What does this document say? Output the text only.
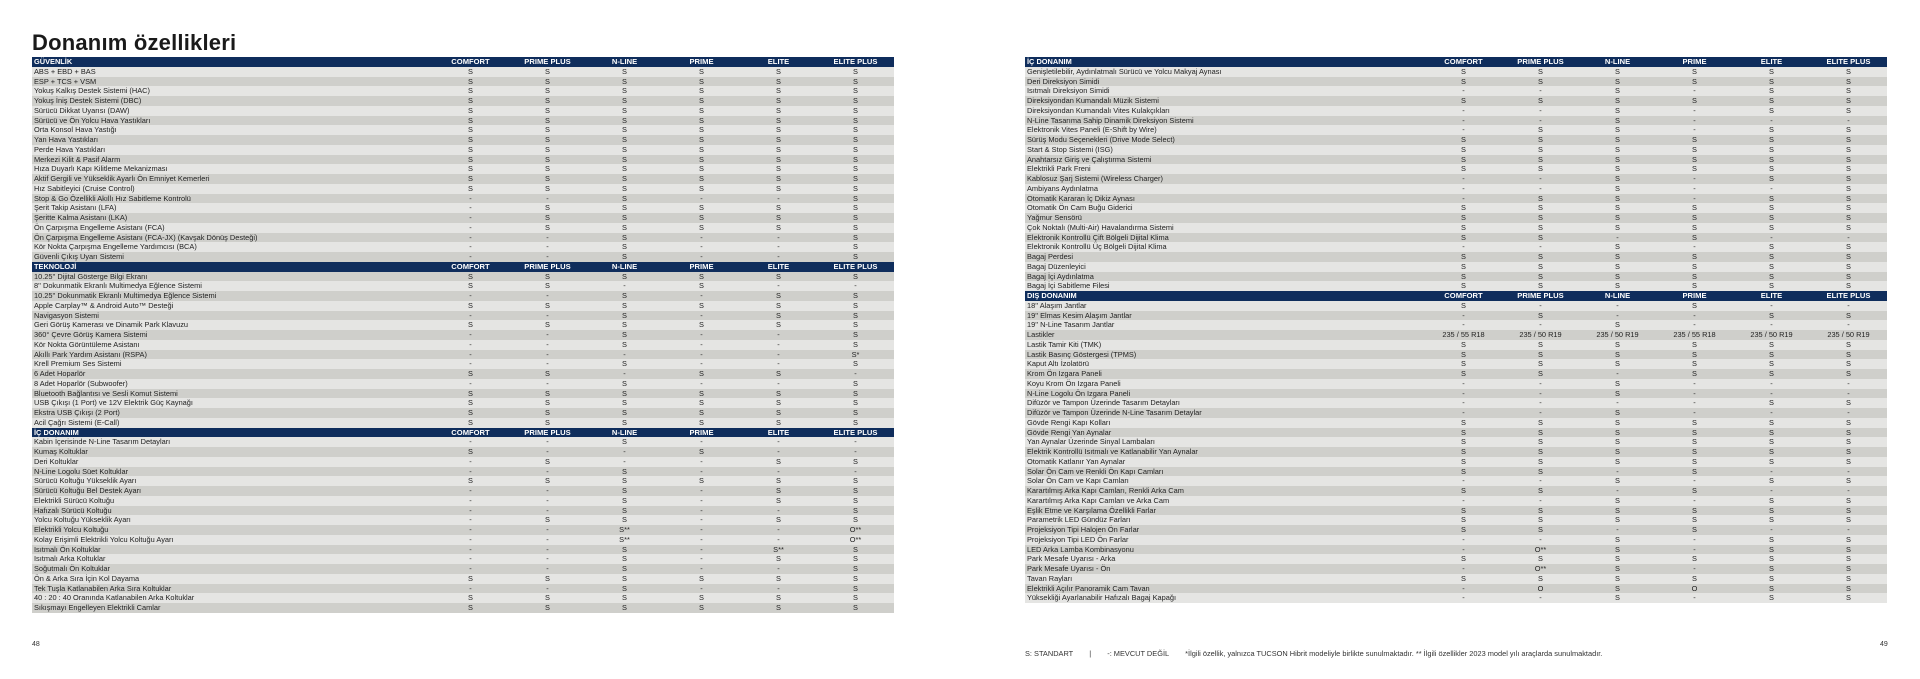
Donanım özellikleri
GÜVENLİK	COMFORT	PRIME PLUS	N-LINE	PRIME	ELITE	ELITE PLUS
ABS + EBD + BAS	S	S	S	S	S	S
ESP + TCS + VSM	S	S	S	S	S	S
Yokuş Kalkış Destek Sistemi (HAC)	S	S	S	S	S	S
Yokuş İniş Destek Sistemi (DBC)	S	S	S	S	S	S
Sürücü Dikkat Uyarısı (DAW)	S	S	S	S	S	S
Sürücü ve Ön Yolcu Hava Yastıkları	S	S	S	S	S	S
Orta Konsol Hava Yastığı	S	S	S	S	S	S
Yan Hava Yastıkları	S	S	S	S	S	S
Perde Hava Yastıkları	S	S	S	S	S	S
Merkezi Kilit & Pasif Alarm	S	S	S	S	S	S
Hıza Duyarlı Kapı Kilitleme Mekanizması	S	S	S	S	S	S
Aktif Gergili ve Yükseklik Ayarlı Ön Emniyet Kemerleri	S	S	S	S	S	S
Hız Sabitleyici (Cruise Control)	S	S	S	S	S	S
Stop & Go Özellikli Akıllı Hız Sabitleme Kontrolü	-	-	S	-	-	S
Şerit Takip Asistanı (LFA)	-	S	S	S	S	S
Şeritte Kalma Asistanı (LKA)	-	S	S	S	S	S
Ön Çarpışma Engelleme Asistanı (FCA)	-	S	S	S	S	S
Ön Çarpışma Engelleme Asistanı (FCA-JX) (Kavşak Dönüş Desteği)	-	-	S	-	-	S
Kör Nokta Çarpışma Engelleme Yardımcısı (BCA)	-	-	S	-	-	S
Güvenli Çıkış Uyarı Sistemi	-	-	S	-	-	S
TEKNOLOJİ	COMFORT	PRIME PLUS	N-LINE	PRIME	ELITE	ELITE PLUS
10.25'' Dijital Gösterge Bilgi Ekranı	S	S	S	S	S	S
8'' Dokunmatik Ekranlı Multimedya Eğlence Sistemi	S	S	-	S	-	-
10.25'' Dokunmatik Ekranlı Multimedya Eğlence Sistemi	-	-	S	-	S	S
Apple Carplay™ & Android Auto™ Desteği	S	S	S	S	S	S
Navigasyon Sistemi	-	-	S	-	S	S
Geri Görüş Kamerası ve Dinamik Park Klavuzu	S	S	S	S	S	S
360° Çevre Görüş Kamera Sistemi	-	-	S	-	-	S
Kör Nokta Görüntüleme Asistanı	-	-	S	-	-	S
Akıllı Park Yardım Asistanı (RSPA)	-	-	-	-	-	S*
Krell Premium Ses Sistemi	-	-	S	-	-	S
6 Adet Hoparlör	S	S	-	S	S	-
8 Adet Hoparlör (Subwoofer)	-	-	S	-	-	S
Bluetooth Bağlantısı ve Sesli Komut Sistemi	S	S	S	S	S	S
USB Çıkışı (1 Port) ve 12V Elektrik Güç Kaynağı	S	S	S	S	S	S
Ekstra USB Çıkışı (2 Port)	S	S	S	S	S	S
Acil Çağrı Sistemi (E-Call)	S	S	S	S	S	S
İÇ DONANIM	COMFORT	PRIME PLUS	N-LINE	PRIME	ELITE	ELITE PLUS
Kabin İçerisinde N-Line Tasarım Detayları	-	-	S	-	-	-
Kumaş Koltuklar	S	-	-	S	-	-
Deri Koltuklar	-	S	-	-	S	S
N-Line Logolu Süet Koltuklar	-	-	S	-	-	-
Sürücü Koltuğu Yükseklik Ayarı	S	S	S	S	S	S
Sürücü Koltuğu Bel Destek Ayarı	-	-	S	-	S	S
Elektrikli Sürücü Koltuğu	-	-	S	-	S	S
Hafızalı Sürücü Koltuğu	-	-	S	-	-	S
Yolcu Koltuğu Yükseklik Ayarı	-	S	S	-	S	S
Elektrikli Yolcu Koltuğu	-	-	S**	-	-	O**
Kolay Erişimli Elektrikli Yolcu Koltuğu Ayarı	-	-	S**	-	-	O**
Isıtmalı Ön Koltuklar	-	-	S	-	S**	S
Isıtmalı Arka Koltuklar	-	-	S	-	S	S
Soğutmalı Ön Koltuklar	-	-	S	-	-	S
Ön & Arka Sıra İçin Kol Dayama	S	S	S	S	S	S
Tek Tuşla Katlanabilen Arka Sıra Koltuklar	-	-	S	-	-	S
40 : 20 : 40 Oranında Katlanabilen Arka Koltuklar	S	S	S	S	S	S
Sıkışmayı Engelleyen Elektrikli Camlar	S	S	S	S	S	S
İÇ DONANIM	COMFORT	PRIME PLUS	N-LINE	PRIME	ELITE	ELITE PLUS
Genişletilebilir, Aydınlatmalı Sürücü ve Yolcu Makyaj Aynası	S	S	S	S	S	S
Deri Direksiyon Simidi	S	S	S	S	S	S
Isıtmalı Direksiyon Simidi	-	-	S	-	S	S
Direksiyondan Kumandalı Müzik Sistemi	S	S	S	S	S	S
Direksiyondan Kumandalı Vites Kulakçıkları	-	-	S	-	S	S
N-Line Tasarıma Sahip Dinamik Direksiyon Sistemi	-	-	S	-	-	-
Elektronik Vites Paneli (E-Shift by Wire)	-	S	S	-	S	S
Sürüş Modu Seçenekleri (Drive Mode Select)	S	S	S	S	S	S
Start & Stop Sistemi (ISG)	S	S	S	S	S	S
Anahtarsız Giriş ve Çalıştırma Sistemi	S	S	S	S	S	S
Elektrikli Park Freni	S	S	S	S	S	S
Kablosuz Şarj Sistemi (Wireless Charger)	-	-	S	-	S	S
Ambiyans Aydınlatma	-	-	S	-	-	S
Otomatik Kararan İç Dikiz Aynası	-	S	S	-	S	S
Otomatik Ön Cam Buğu Giderici	S	S	S	S	S	S
Yağmur Sensörü	S	S	S	S	S	S
Çok Noktalı (Multi-Air) Havalandırma Sistemi	S	S	S	S	S	S
Elektronik Kontrollü Çift Bölgeli Dijital Klima	S	S	-	S	-	-
Elektronik Kontrollü Üç Bölgeli Dijital Klima	-	-	S	-	S	S
Bagaj Perdesi	S	S	S	S	S	S
Bagaj Düzenleyici	S	S	S	S	S	S
Bagaj İçi Aydınlatma	S	S	S	S	S	S
Bagaj İçi Sabitleme Filesi	S	S	S	S	S	S
DIŞ DONANIM	COMFORT	PRIME PLUS	N-LINE	PRIME	ELITE	ELITE PLUS
18'' Alaşım Jantlar	S	-	-	S	-	-
19'' Elmas Kesim Alaşım Jantlar	-	S	-	-	S	S
19'' N-Line Tasarım Jantlar	-	-	S	-	-	-
Lastikler	235 / 55 R18	235 / 50 R19	235 / 50 R19	235 / 55 R18	235 / 50 R19	235 / 50 R19
Lastik Tamir Kiti (TMK)	S	S	S	S	S	S
Lastik Basınç Göstergesi (TPMS)	S	S	S	S	S	S
Kaput Altı İzolatörü	S	S	S	S	S	S
Krom Ön Izgara Paneli	S	S	-	S	S	S
Koyu Krom Ön Izgara Paneli	-	-	S	-	-	-
N-Line Logolu Ön Izgara Paneli	-	-	S	-	-	-
Difüzör ve Tampon Üzerinde Tasarım Detayları	-	-	-	-	S	S
Difüzör ve Tampon Üzerinde N-Line Tasarım Detaylar	-	-	S	-	-	-
Gövde Rengi Kapı Kolları	S	S	S	S	S	S
Gövde Rengi Yan Aynalar	S	S	S	S	S	S
Yan Aynalar Üzerinde Sinyal Lambaları	S	S	S	S	S	S
Elektrik Kontrollü Isıtmalı ve Katlanabilir Yan Aynalar	S	S	S	S	S	S
Otomatik Katlanır Yan Aynalar	S	S	S	S	S	S
Solar Ön Cam ve Renkli Ön Kapı Camları	S	S	-	S	-	-
Solar Ön Cam ve Kapı Camları	-	-	S	-	S	S
Karartılmış Arka Kapı Camları, Renkli Arka Cam	S	S	-	S	-	-
Karartılmış Arka Kapı Camları ve Arka Cam	-	-	S	-	S	S
Eşlik Etme ve Karşılama Özellikli Farlar	S	S	S	S	S	S
Parametrik LED Gündüz Farları	S	S	S	S	S	S
Projeksiyon Tipi Halojen Ön Farlar	S	S	-	S	-	-
Projeksiyon Tipi LED Ön Farlar	-	-	S	-	S	S
LED Arka Lamba Kombinasyonu	-	O**	S	-	S	S
Park Mesafe Uyarısı - Arka	S	S	S	S	S	S
Park Mesafe Uyarısı - Ön	-	O**	S	-	S	S
Tavan Rayları	S	S	S	S	S	S
Elektrikli Açılır Panoramik Cam Tavan	-	O	S	O	S	S
Yüksekliği Ayarlanabilir Hafızalı Bagaj Kapağı	-	-	S	-	S	S
48	49
S: STANDART | -: MEVCUT DEĞİL *İlgili özellik, yalnızca TUCSON Hibrit modeliyle birlikte sunulmaktadır. ** İlgili özellikler 2023 model yılı araçlarda sunulmaktadır.
